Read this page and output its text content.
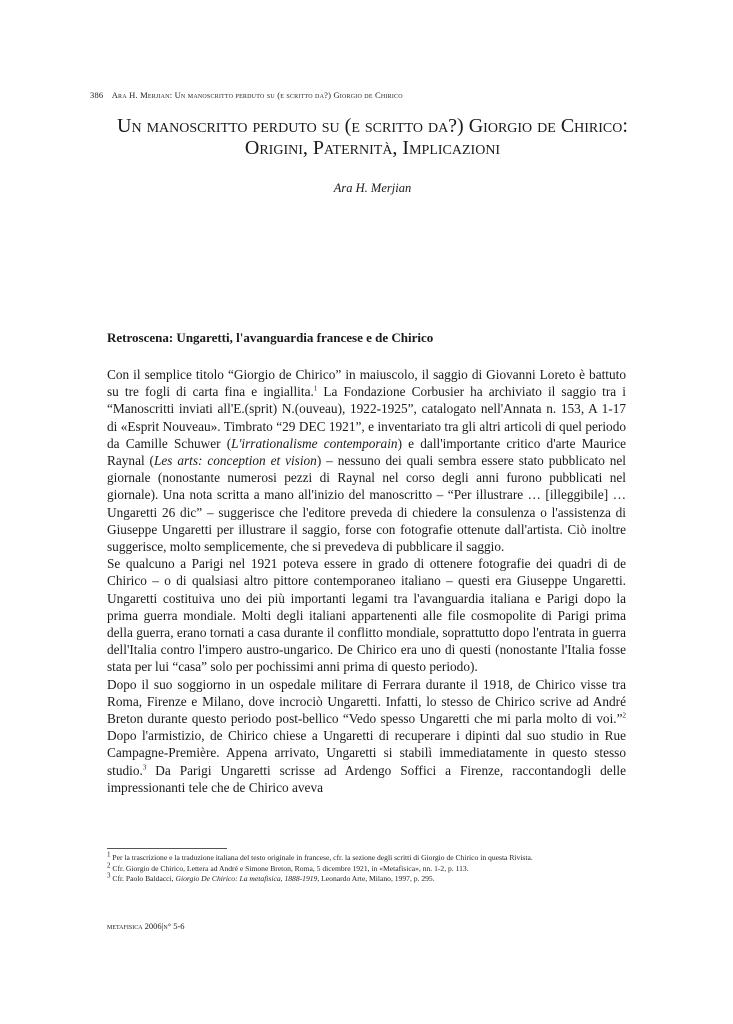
386 Ara H. Merjian: Un manoscritto perduto su (e scritto da?) Giorgio de Chirico
Un manoscritto perduto su (e scritto da?) Giorgio de Chirico:
Origini, Paternità, Implicazioni
Ara H. Merjian
Retroscena: Ungaretti, l'avanguardia francese e de Chirico

Con il semplice titolo “Giorgio de Chirico” in maiuscolo, il saggio di Giovanni Loreto è battuto su tre fogli di carta fina e ingiallita.$^1$ La Fondazione Corbusier ha archiviato il saggio tra i “Manoscritti inviati all'E.(sprit) N.(ouveau), 1922-1925”, catalogato nell'Annata n. 153, A 1-17 di «Esprit Nouveau». Timbrato “29 DEC 1921”, e inventariato tra gli altri articoli di quel periodo da Camille Schuwer (L'irrationalisme contemporain) e dall'importante critico d'arte Maurice Raynal (Les arts: conception et vision) – nessuno dei quali sembra essere stato pubblicato nel giornale (nonostante numerosi pezzi di Raynal nel corso degli anni furono pubblicati nel giornale). Una nota scritta a mano all'inizio del manoscritto – “Per illustrare … [illeggibile] … Ungaretti 26 dic” – suggerisce che l'editore preveda di chiedere la consulenza o l'assistenza di Giuseppe Ungaretti per illustrare il saggio, forse con fotografie ottenute dall'artista. Ciò inoltre suggerisce, molto semplicemente, che si prevedeva di pubblicare il saggio.

Se qualcuno a Parigi nel 1921 poteva essere in grado di ottenere fotografie dei quadri di de Chirico – o di qualsiasi altro pittore contemporaneo italiano – questi era Giuseppe Ungaretti. Ungaretti costituiva uno dei più importanti legami tra l'avanguardia italiana e Parigi dopo la prima guerra mondiale. Molti degli italiani appartenenti alle file cosmopolite di Parigi prima della guerra, erano tornati a casa durante il conflitto mondiale, soprattutto dopo l'entrata in guerra dell'Italia contro l'impero austro-ungarico. De Chirico era uno di questi (nonostante l'Italia fosse stata per lui “casa” solo per pochissimi anni prima di questo periodo).

Dopo il suo soggiorno in un ospedale militare di Ferrara durante il 1918, de Chirico visse tra Roma, Firenze e Milano, dove incrociò Ungaretti. Infatti, lo stesso de Chirico scrive ad André Breton durante questo periodo post-bellico “Vedo spesso Ungaretti che mi parla molto di voi.”$^2$ Dopo l'armistizio, de Chirico chiese a Ungaretti di recuperare i dipinti dal suo studio in Rue Campagne-Première. Appena arrivato, Ungaretti si stabilì immediatamente in questo stesso studio.$^3$ Da Parigi Ungaretti scrisse ad Ardengo Soffici a Firenze, raccontandogli delle impressionanti tele che de Chirico aveva

$^1$ Per la trascrizione e la traduzione italiana del testo originale in francese, cfr. la sezione degli scritti di Giorgio de Chirico in questa Rivista.
$^2$ Cfr. Giorgio de Chirico, Lettera ad André e Simone Breton, Roma, 5 dicembre 1921, in «Metafisica», nn. 1-2, p. 113.
$^3$ Cfr. Paolo Baldacci, Giorgio De Chirico: La metafisica, 1888-1919, Leonardo Arte, Milano, 1997, p. 295.
metafisica 2006|n° 5-6
